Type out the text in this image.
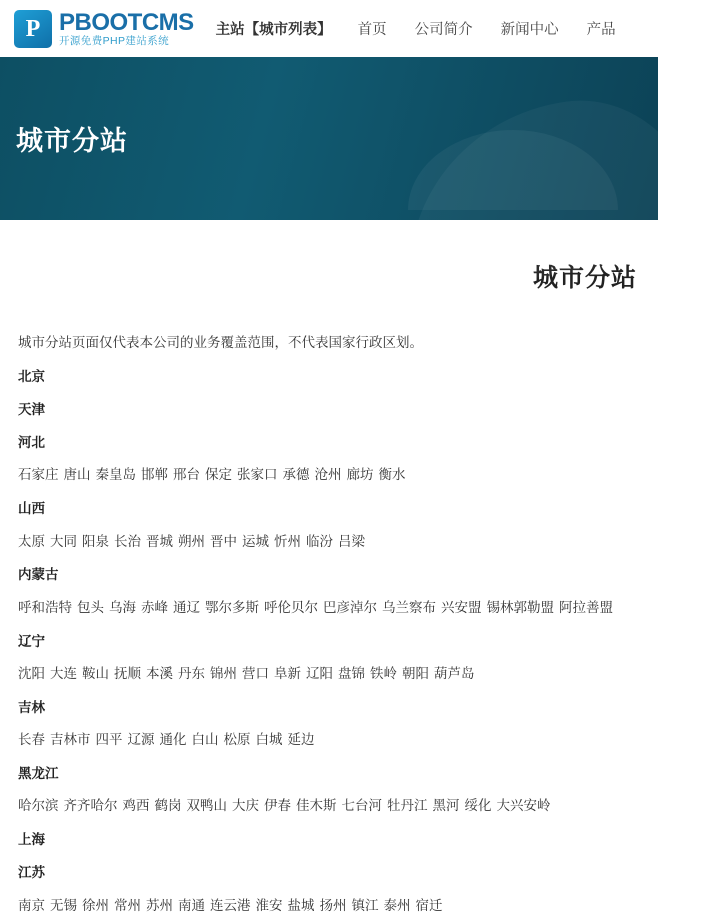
P PBOOTCMS
开源免费PHP建站系统
主站【城市列表】 首页 公司简介 新闻中心 产品
城市分站
城市分站
城市分站页面仅代表本公司的业务覆盖范围，不代表国家行政区划。
北京
天津
河北
石家庄 唐山 秦皇岛 邯郸 邢台 保定 张家口 承德 沧州 廊坊 衡水
山西
太原 大同 阳泉 长治 晋城 朔州 晋中 运城 忻州 临汾 吕梁
内蒙古
呼和浩特 包头 乌海 赤峰 通辽 鄂尔多斯 呼伦贝尔 巴彦淖尔 乌兰察布 兴安盟 锡林郭勒盟 阿拉善盟
辽宁
沈阳 大连 鞍山 抚顺 本溪 丹东 锦州 营口 阜新 辽阳 盘锦 铁岭 朝阳 葫芦岛
吉林
长春 吉林市 四平 辽源 通化 白山 松原 白城 延边
黑龙江
哈尔滨 齐齐哈尔 鸡西 鹤岗 双鸭山 大庆 伊春 佳木斯 七台河 牡丹江 黑河 绥化 大兴安岭
上海
江苏
南京 无锡 徐州 常州 苏州 南通 连云港 淮安 盐城 扬州 镇江 泰州 宿迁
